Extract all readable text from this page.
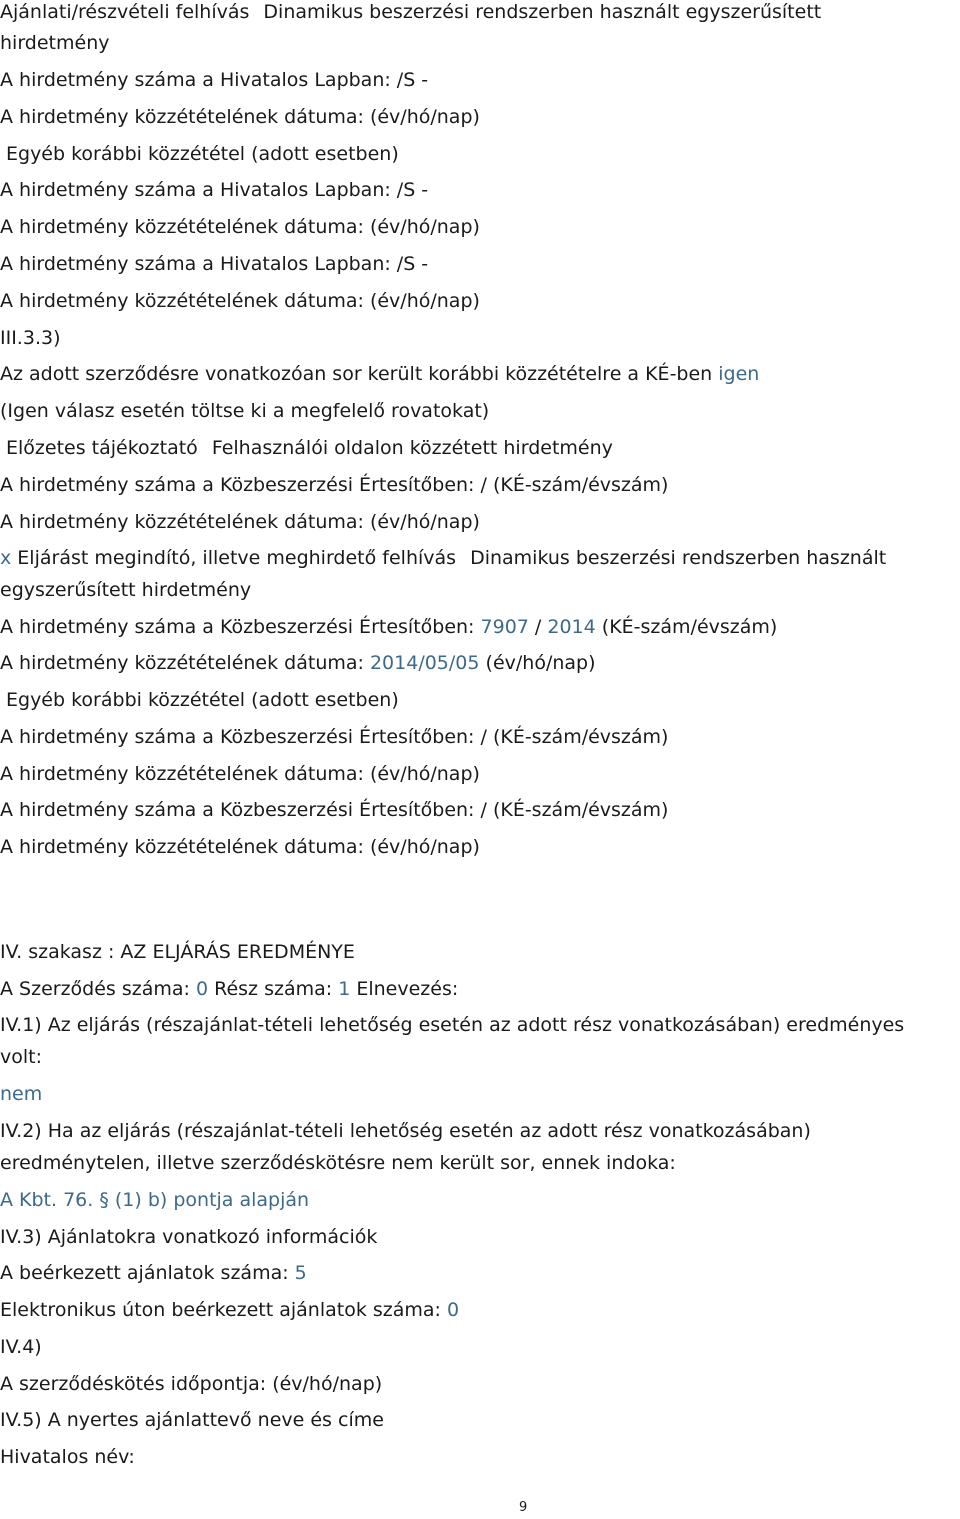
Ajánlati/részvételi felhívás Dinamikus beszerzési rendszerben használt egyszerűsített
hirdetmény
A hirdetmény száma a Hivatalos Lapban: /S -
A hirdetmény közzétételének dátuma: (év/hó/nap)
Egyéb korábbi közzététel (adott esetben)
A hirdetmény száma a Hivatalos Lapban: /S -
A hirdetmény közzétételének dátuma: (év/hó/nap)
A hirdetmény száma a Hivatalos Lapban: /S -
A hirdetmény közzétételének dátuma: (év/hó/nap)
III.3.3)
Az adott szerződésre vonatkozóan sor került korábbi közzétételre a KÉ-ben igen
(Igen válasz esetén töltse ki a megfelelő rovatokat)
Előzetes tájékoztató Felhasználói oldalon közzétett hirdetmény
A hirdetmény száma a Közbeszerzési Értesítőben: / (KÉ-szám/évszám)
A hirdetmény közzétételének dátuma: (év/hó/nap)
x Eljárást megindító, illetve meghirdető felhívás Dinamikus beszerzési rendszerben használt
egyszerűsített hirdetmény
A hirdetmény száma a Közbeszerzési Értesítőben: 7907 / 2014 (KÉ-szám/évszám)
A hirdetmény közzétételének dátuma: 2014/05/05 (év/hó/nap)
Egyéb korábbi közzététel (adott esetben)
A hirdetmény száma a Közbeszerzési Értesítőben: / (KÉ-szám/évszám)
A hirdetmény közzétételének dátuma: (év/hó/nap)
A hirdetmény száma a Közbeszerzési Értesítőben: / (KÉ-szám/évszám)
A hirdetmény közzétételének dátuma: (év/hó/nap)
IV. szakasz : AZ ELJÁRÁS EREDMÉNYE
A Szerződés száma: 0 Rész száma: 1 Elnevezés:
IV.1) Az eljárás (részajánlat-tételi lehetőség esetén az adott rész vonatkozásában) eredményes
volt:
nem
IV.2) Ha az eljárás (részajánlat-tételi lehetőség esetén az adott rész vonatkozásában)
eredménytelen, illetve szerződéskötésre nem került sor, ennek indoka:
A Kbt. 76. § (1) b) pontja alapján
IV.3) Ajánlatokra vonatkozó információk
A beérkezett ajánlatok száma: 5
Elektronikus úton beérkezett ajánlatok száma: 0
IV.4)
A szerződéskötés időpontja: (év/hó/nap)
IV.5) A nyertes ajánlattevő neve és címe
Hivatalos név:
9
